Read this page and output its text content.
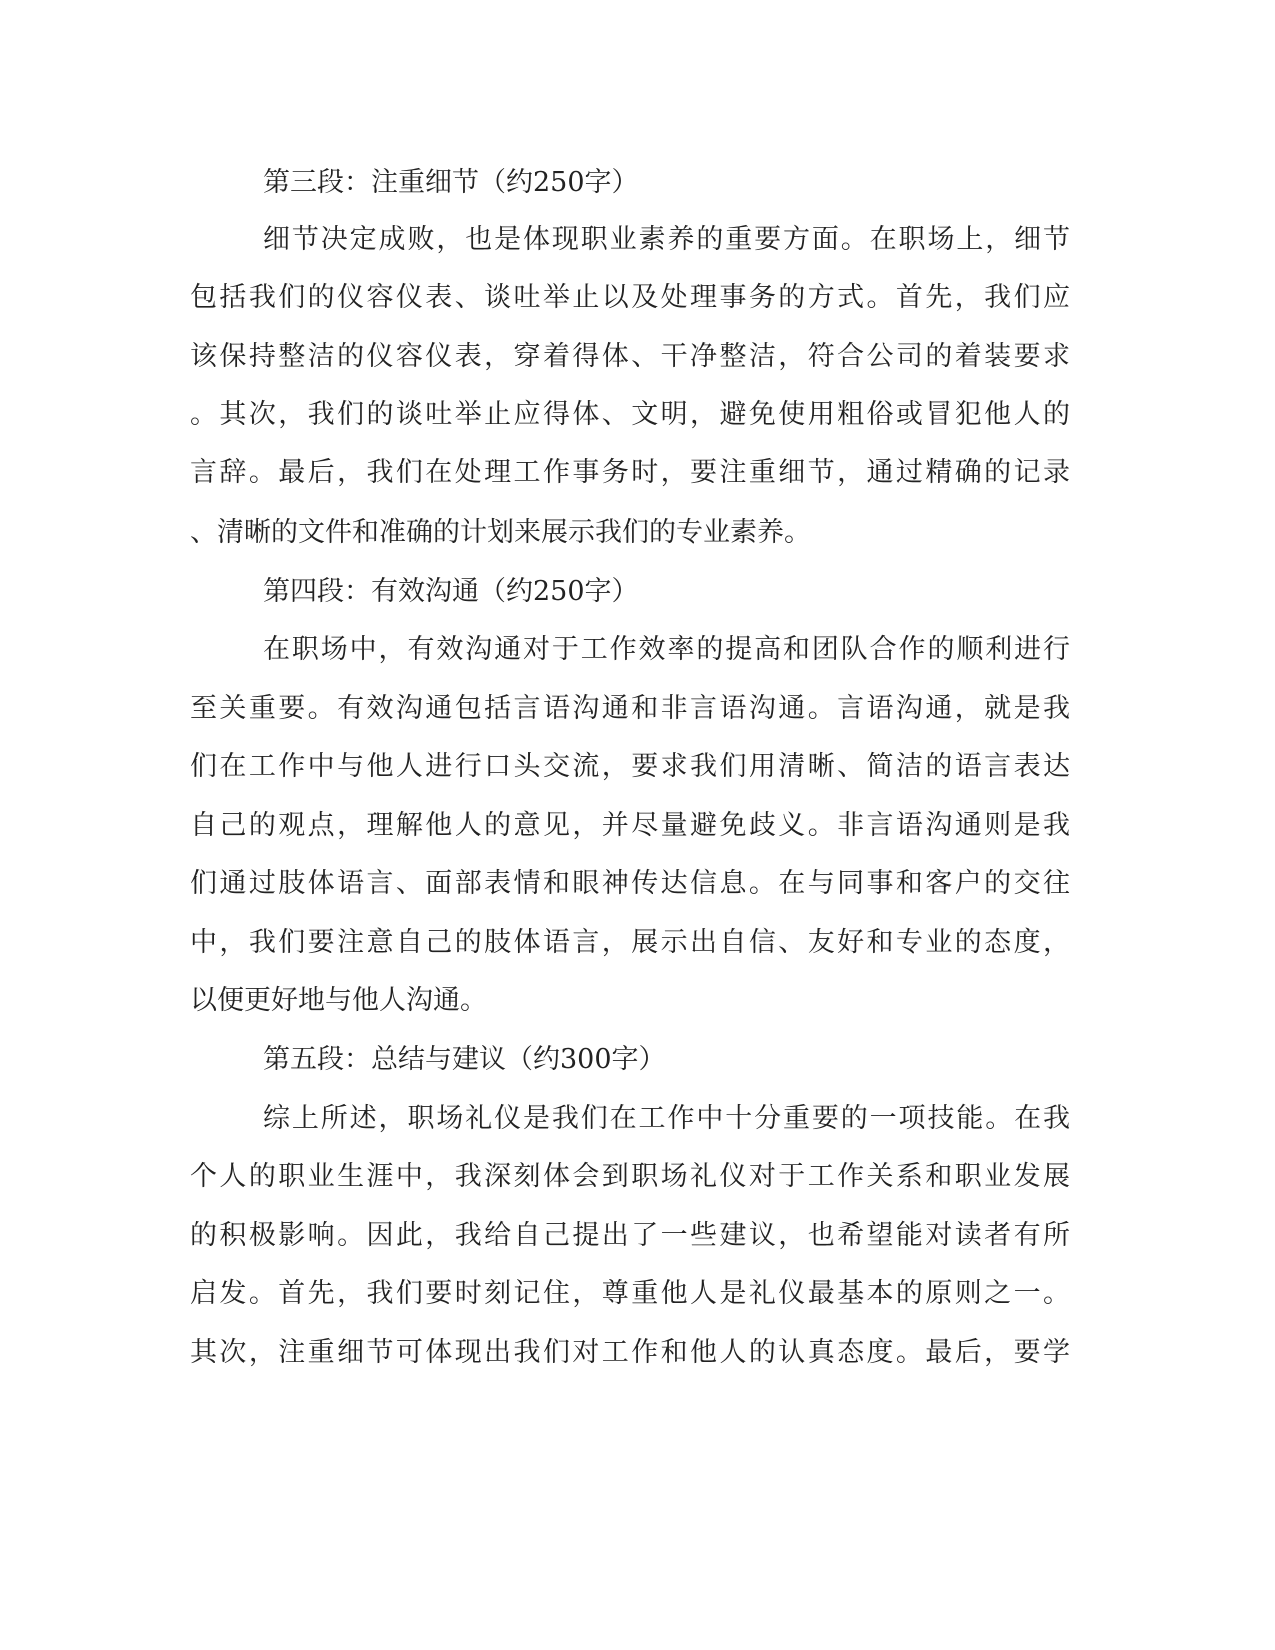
第三段：注重细节（约250字）

细节决定成败，也是体现职业素养的重要方面。在职场上，细节

包括我们的仪容仪表、谈吐举止以及处理事务的方式。首先，我们应

该保持整洁的仪容仪表，穿着得体、干净整洁，符合公司的着装要求

。其次，我们的谈吐举止应得体、文明，避免使用粗俗或冒犯他人的

言辞。最后，我们在处理工作事务时，要注重细节，通过精确的记录

、清晰的文件和准确的计划来展示我们的专业素养。

第四段：有效沟通（约250字）

在职场中，有效沟通对于工作效率的提高和团队合作的顺利进行

至关重要。有效沟通包括言语沟通和非言语沟通。言语沟通，就是我

们在工作中与他人进行口头交流，要求我们用清晰、简洁的语言表达

自己的观点，理解他人的意见，并尽量避免歧义。非言语沟通则是我

们通过肢体语言、面部表情和眼神传达信息。在与同事和客户的交往

中，我们要注意自己的肢体语言，展示出自信、友好和专业的态度，

以便更好地与他人沟通。

第五段：总结与建议（约300字）

综上所述，职场礼仪是我们在工作中十分重要的一项技能。在我

个人的职业生涯中，我深刻体会到职场礼仪对于工作关系和职业发展

的积极影响。因此，我给自己提出了一些建议，也希望能对读者有所

启发。首先，我们要时刻记住，尊重他人是礼仪最基本的原则之一。

其次，注重细节可体现出我们对工作和他人的认真态度。最后，要学
